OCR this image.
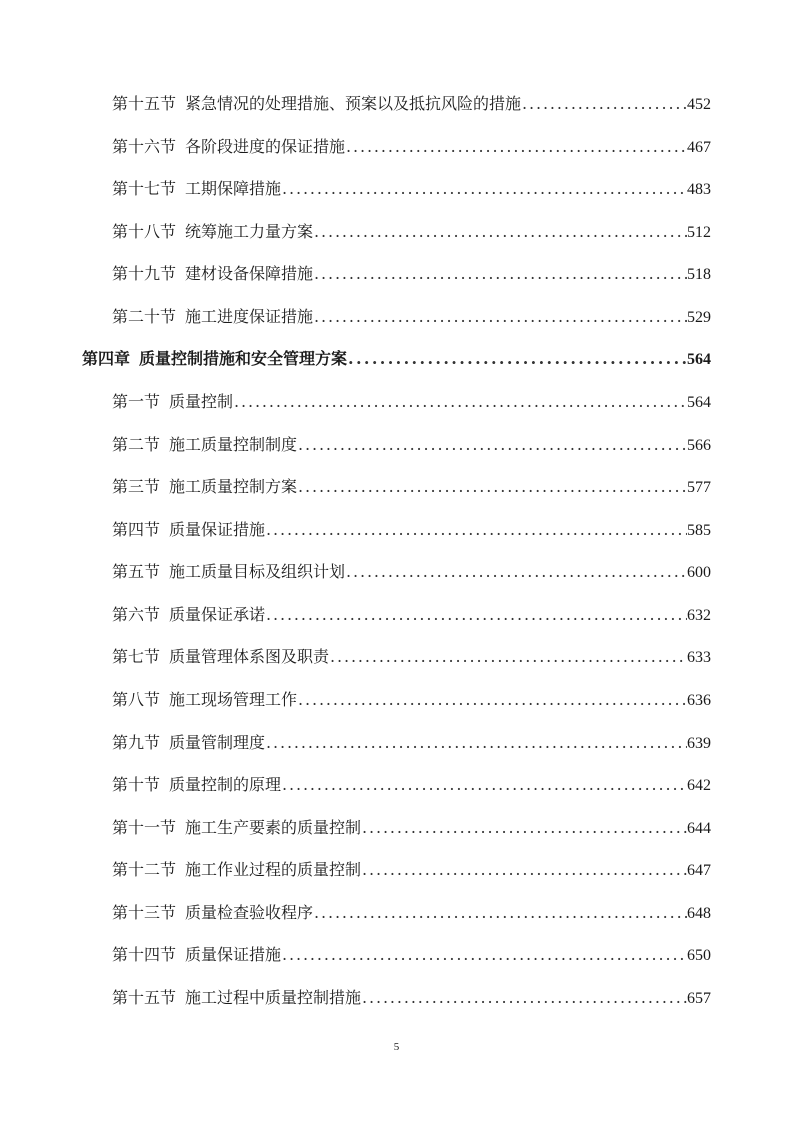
第十五节 紧急情况的处理措施、预案以及抵抗风险的措施 . . .	452
第十六节 各阶段进度的保证措施 . . .	467
第十七节 工期保障措施 . . .	483
第十八节 统筹施工力量方案 . . .	512
第十九节 建材设备保障措施 . . .	518
第二十节 施工进度保证措施 . . .	529
第四章 质量控制措施和安全管理方案 . . .	564
第一节 质量控制 . . .	564
第二节 施工质量控制制度 . . .	566
第三节 施工质量控制方案 . . .	577
第四节 质量保证措施 . . .	585
第五节 施工质量目标及组织计划 . . .	600
第六节 质量保证承诺 . . .	632
第七节 质量管理体系图及职责 . . .	633
第八节 施工现场管理工作 . . .	636
第九节 质量管制理度 . . .	639
第十节 质量控制的原理 . . .	642
第十一节 施工生产要素的质量控制 . . .	644
第十二节 施工作业过程的质量控制 . . .	647
第十三节 质量检查验收程序 . . .	648
第十四节 质量保证措施 . . .	650
第十五节 施工过程中质量控制措施 . . .	657
5
